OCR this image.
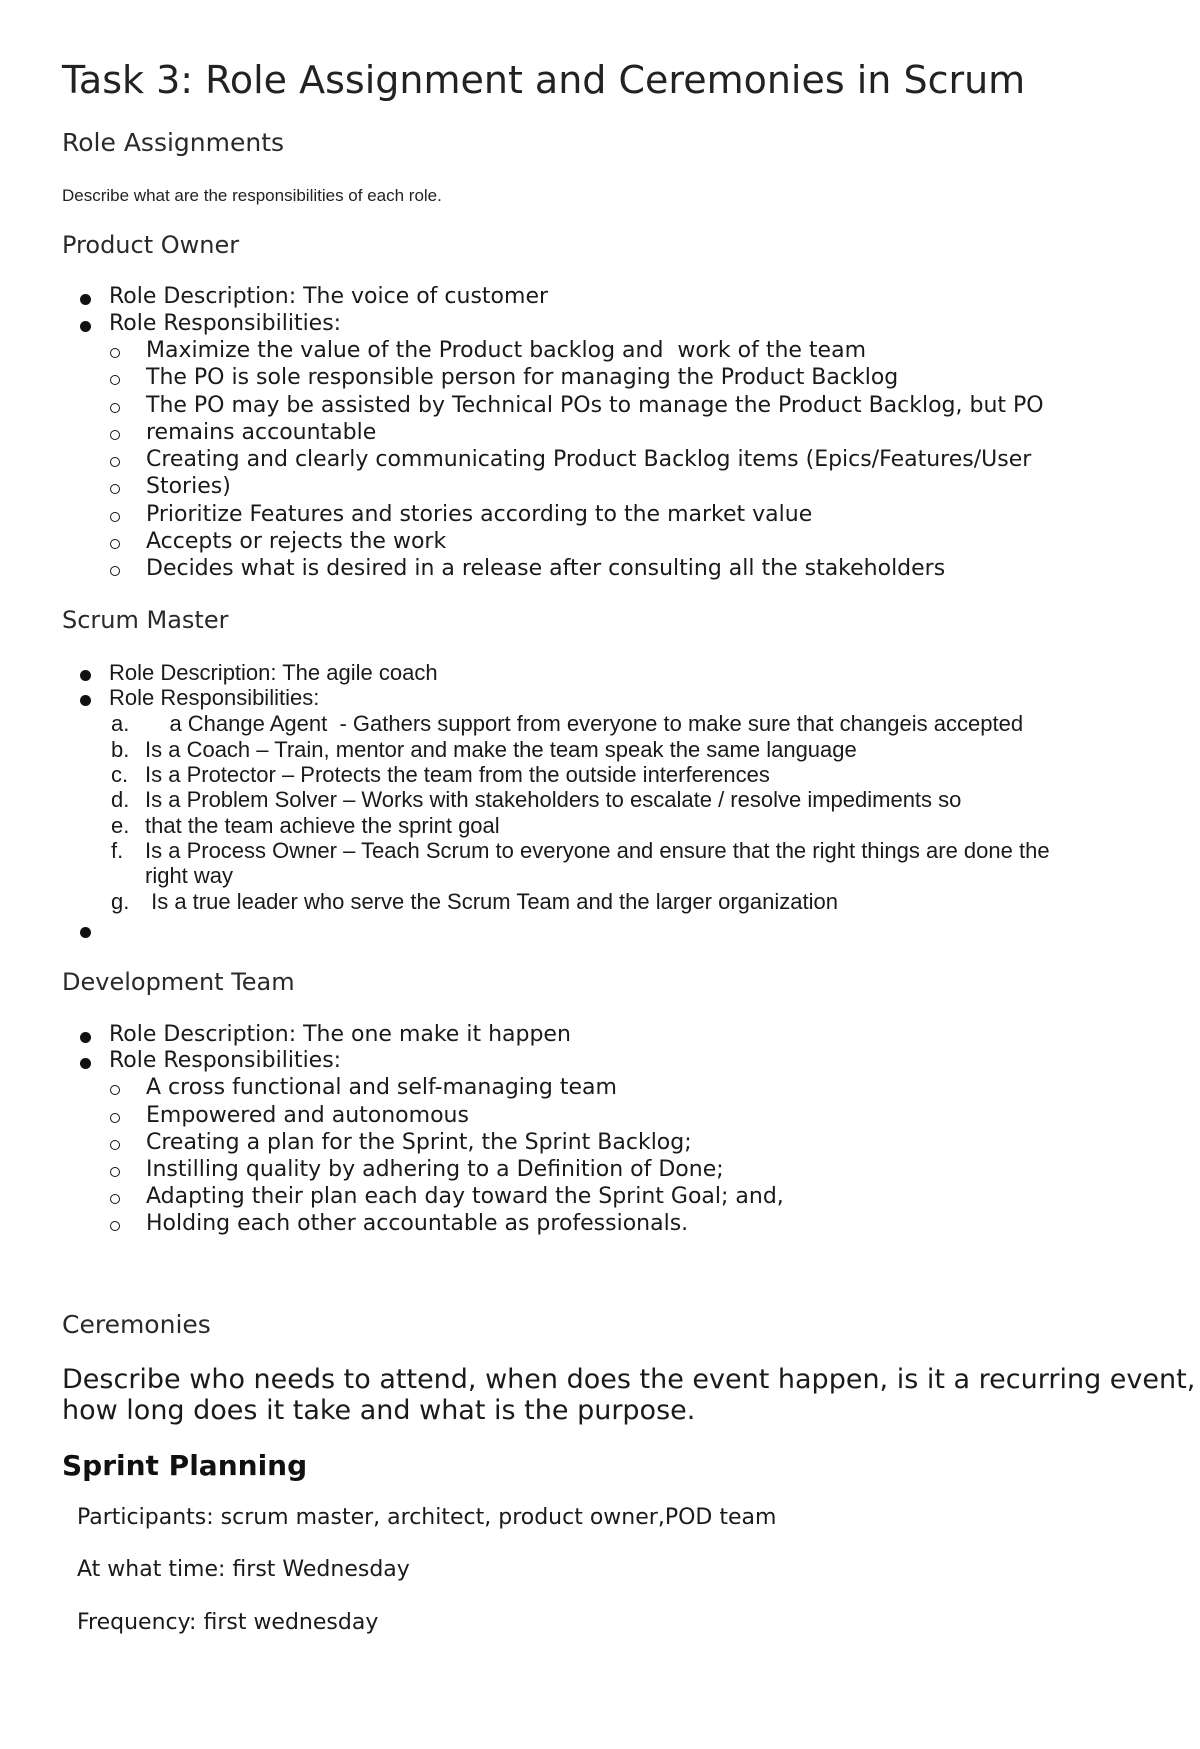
Task 3: Role Assignment and Ceremonies in Scrum
Role Assignments
Describe what are the responsibilities of each role.
Product Owner
Role Description: The voice of customer
Role Responsibilities:
Maximize the value of the Product backlog and  work of the team
The PO is sole responsible person for managing the Product Backlog
The PO may be assisted by Technical POs to manage the Product Backlog, but PO
remains accountable
Creating and clearly communicating Product Backlog items (Epics/Features/User
Stories)
Prioritize Features and stories according to the market value
Accepts or rejects the work
Decides what is desired in a release after consulting all the stakeholders
Scrum Master
Role Description: The agile coach
Role Responsibilities:
a. a Change Agent  - Gathers support from everyone to make sure that changeis accepted
b. Is a Coach – Train, mentor and make the team speak the same language
c. Is a Protector – Protects the team from the outside interferences
d. Is a Problem Solver – Works with stakeholders to escalate / resolve impediments so
e. that the team achieve the sprint goal
f. Is a Process Owner – Teach Scrum to everyone and ensure that the right things are done the
right way
g. Is a true leader who serve the Scrum Team and the larger organization
Development Team
Role Description: The one make it happen
Role Responsibilities:
A cross functional and self-managing team
Empowered and autonomous
Creating a plan for the Sprint, the Sprint Backlog;
Instilling quality by adhering to a Definition of Done;
Adapting their plan each day toward the Sprint Goal; and,
Holding each other accountable as professionals.
Ceremonies
Describe who needs to attend, when does the event happen, is it a recurring event,
how long does it take and what is the purpose.
Sprint Planning
Participants: scrum master, architect, product owner,POD team
At what time: first Wednesday
Frequency: first wednesday
